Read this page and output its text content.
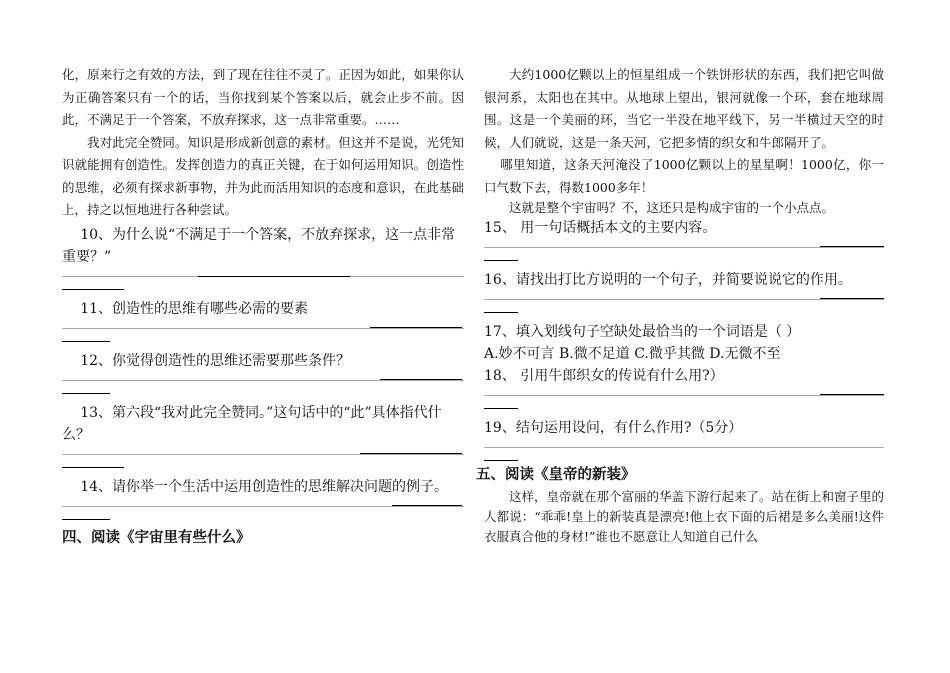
化，原来行之有效的方法，到了现在往往不灵了。正因为如此，如果你认为正确答案只有一个的话，当你找到某个答案以后，就会止步不前。因此，不满足于一个答案，不放弃探求，这一点非常重要。……

我对此完全赞同。知识是形成新创意的素材。但这并不是说，光凭知识就能拥有创造性。发挥创造力的真正关键，在于如何运用知识。创造性的思维，必须有探求新事物，并为此而活用知识的态度和意识，在此基础上，持之以恒地进行各种尝试。

10、为什么说“不满足于一个答案，不放弃探求，这一点非常重要？”

11、创造性的思维有哪些必需的要素

12、你觉得创造性的思维还需要那些条件？

13、第六段“我对此完全赞同。”这句话中的“此”具体指代什么？

14、请你举一个生活中运用创造性的思维解决问题的例子。

四、阅读《宇宙里有些什么》

大约1000亿颗以上的恒星组成一个铁饼形状的东西，我们把它叫做银河系，太阳也在其中。从地球上望出，银河就像一个环，套在地球周围。这是一个美丽的环，当它一半没在地平线下，另一半横过天空的时候，人们就说，这是一条天河，它把多情的织女和牛郎隔开了。

哪里知道，这条天河淹没了1000亿颗以上的星星啊！1000亿，你一口气数下去，得数1000多年！

这就是整个宇宙吗？不，这还只是构成宇宙的一个小点点。

15、 用一句话概括本文的主要内容。

16、请找出打比方说明的一个句子，并简要说说它的作用。

17、填入划线句子空缺处最恰当的一个词语是（ ）

A.妙不可言 B.微不足道 C.微乎其微 D.无微不至

18、 引用牛郎织女的传说有什么用?）

19、结句运用设问，有什么作用?（5分）

五、阅读《皇帝的新装》

这样，皇帝就在那个富丽的华盖下游行起来了。站在街上和窗子里的人都说：“乖乖!皇上的新装真是漂亮!他上衣下面的后裙是多么美丽!这件衣服真合他的身材!”谁也不愿意让人知道自己什么
